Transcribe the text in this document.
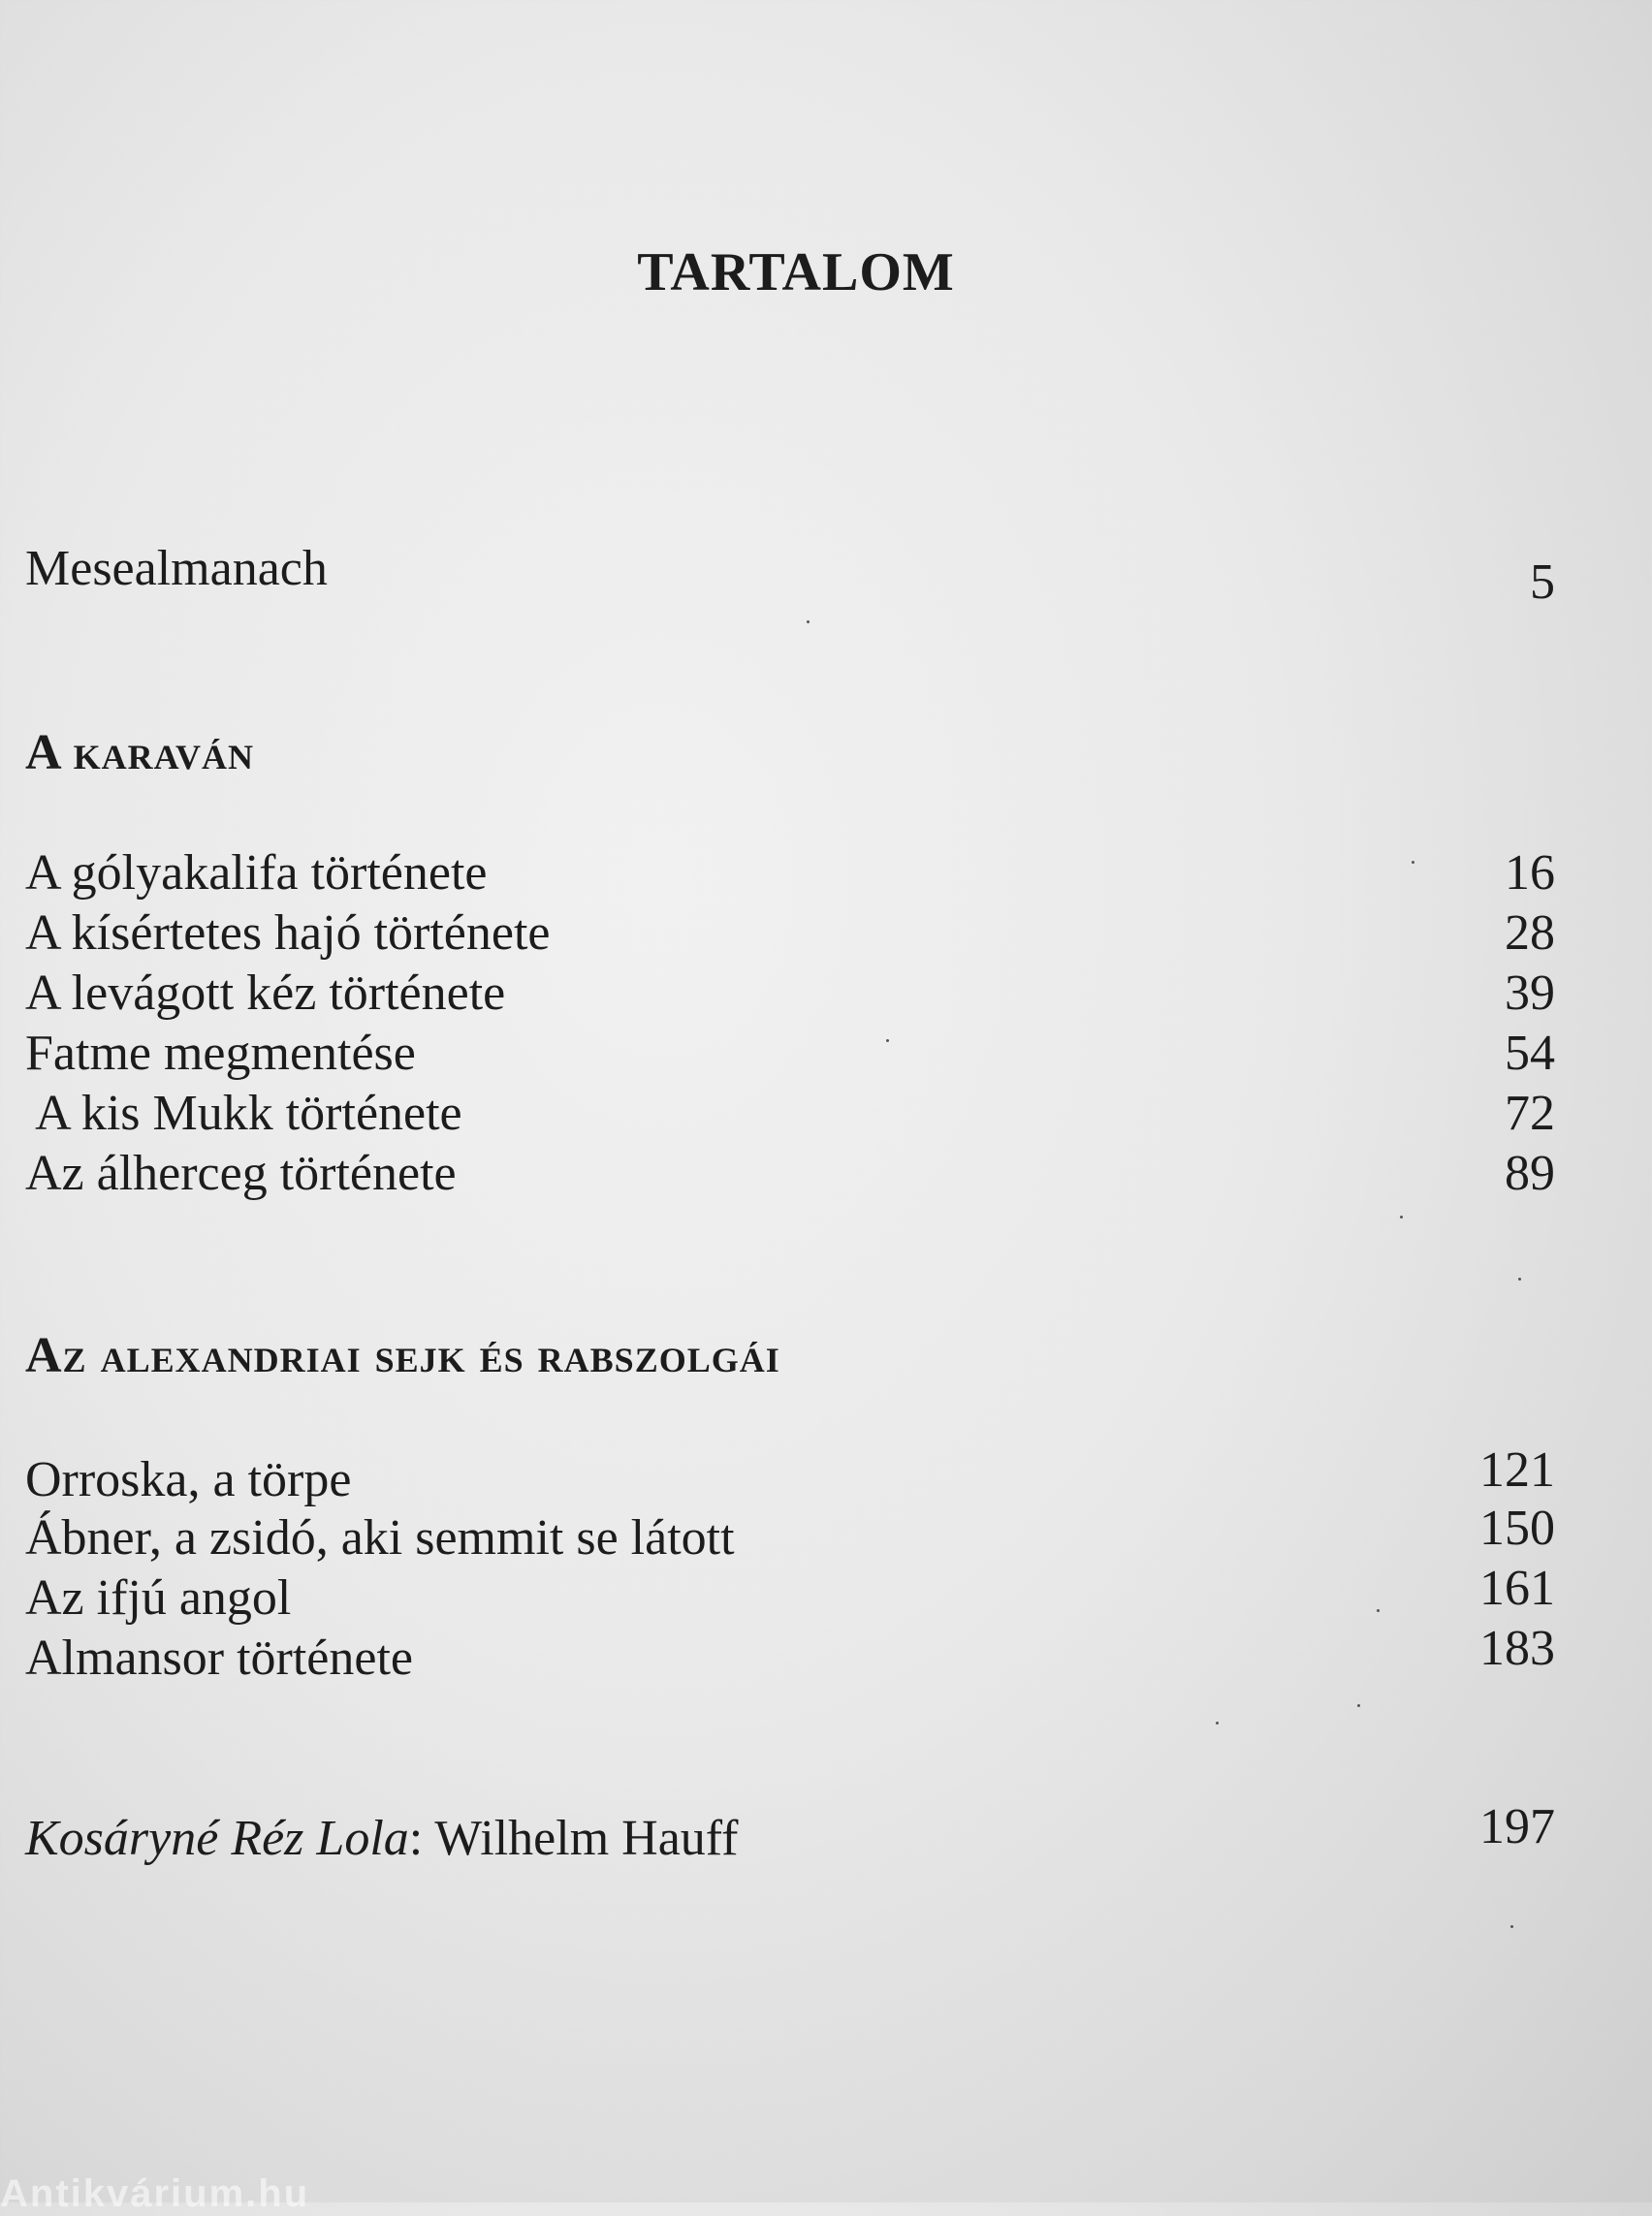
TARTALOM
Mesealmanach	5
A karaván
A gólyakalifa története	16
A kísértetes hajó története	28
A levágott kéz története	39
Fatme megmentése	54
A kis Mukk története	72
Az álherceg története	89
Az alexandriai sejk és rabszolgái
Orroska, a törpe	121
Ábner, a zsidó, aki semmit se látott	150
Az ifjú angol	161
Almansor története	183
Kosáryné Réz Lola: Wilhelm Hauff	197
Antikvárium.hu
